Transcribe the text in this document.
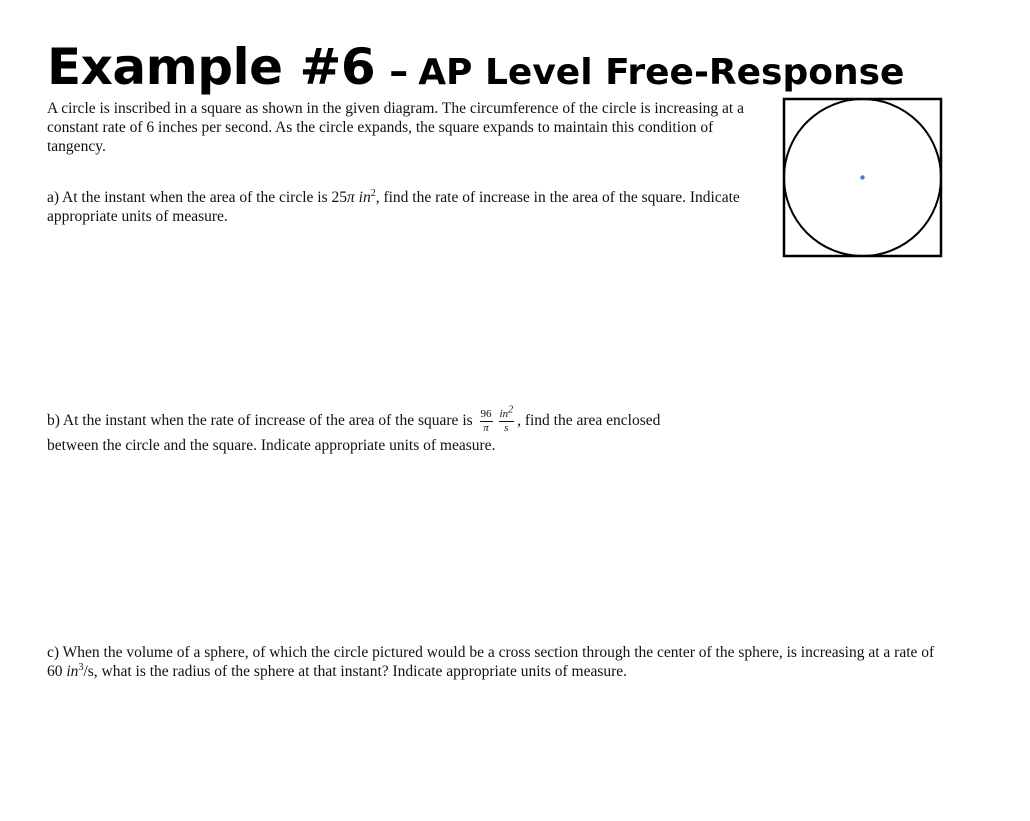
Example #6 – AP Level Free-Response
A circle is inscribed in a square as shown in the given diagram. The circumference of the circle is increasing at a constant rate of 6 inches per second. As the circle expands, the square expands to maintain this condition of tangency.
a) At the instant when the area of the circle is 25π $in^2$, find the rate of increase in the area of the square. Indicate appropriate units of measure.
b) At the instant when the rate of increase of the area of the square is $\frac{96}{\pi} \frac{in^2}{s}$ , find the area enclosed
between the circle and the square. Indicate appropriate units of measure.
c) When the volume of a sphere, of which the circle pictured would be a cross section through the center of the sphere, is increasing at a rate of 60 $in^3/s$, what is the radius of the sphere at that instant? Indicate appropriate units of measure.
